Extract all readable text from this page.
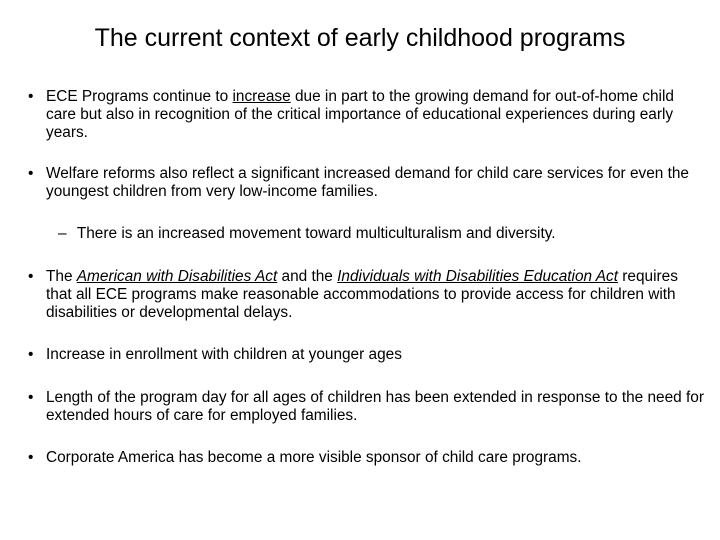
The current context of early childhood programs
• ECE Programs continue to increase due in part to the growing demand for out-of-home child care but also in recognition of the critical importance of educational experiences during early years.
• Welfare reforms also reflect a significant increased demand for child care services for even the youngest children from very low-income families.
– There is an increased movement toward multiculturalism and diversity.
• The American with Disabilities Act and the Individuals with Disabilities Education Act requires that all ECE programs make reasonable accommodations to provide access for children with disabilities or developmental delays.
• Increase in enrollment with children at younger ages
• Length of the program day for all ages of children has been extended in response to the need for extended hours of care for employed families.
• Corporate America has become a more visible sponsor of child care programs.
